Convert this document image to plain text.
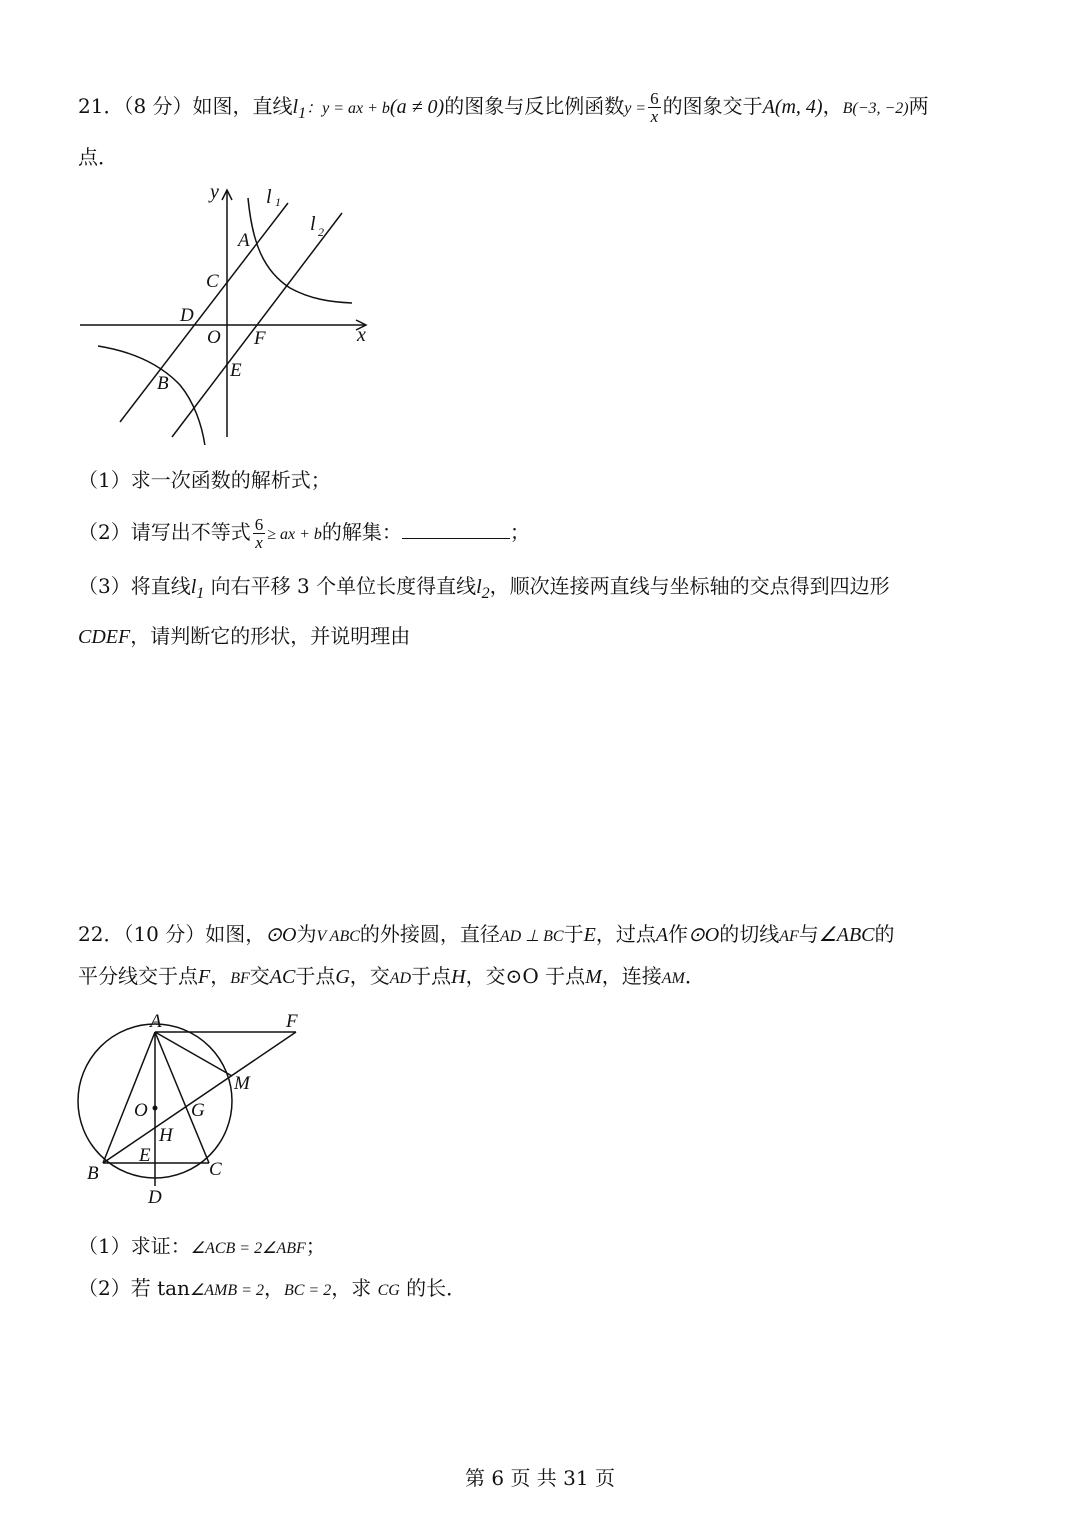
21．（8 分）如图，直线$l_1$：y = ax + b(a ≠ 0)的图象与反比例函数$y = \frac{6}{x}$ 的图象交于A(m, 4)，B(−3, −2)两
点．
y
x
l 1
l 2
A
C
D
O F
E
B
（1）求一次函数的解析式；
（2）请写出不等式 $\frac{6}{x}$ ≥ ax + b的解集：	；
（3）将直线$l_1$ 向右平移 3 个单位长度得直线$l_2$，顺次连接两直线与坐标轴的交点得到四边形
CDEF，请判断它的形状，并说明理由
22．（10 分）如图，⊙O为V ABC的外接圆，直径AD ⊥ BC于E，过点A作⊙O的切线AF与∠ABC的
平分线交于点F，BF交AC于点G，交AD于点H，交⊙O 于点M，连接AM．
A	F
M
O G
H
E
B	C
D
（1）求证：∠ACB = 2∠ABF；
（2）若 tan∠AMB = 2，BC = 2，求 CG 的长．
第 6 页 共 31 页
